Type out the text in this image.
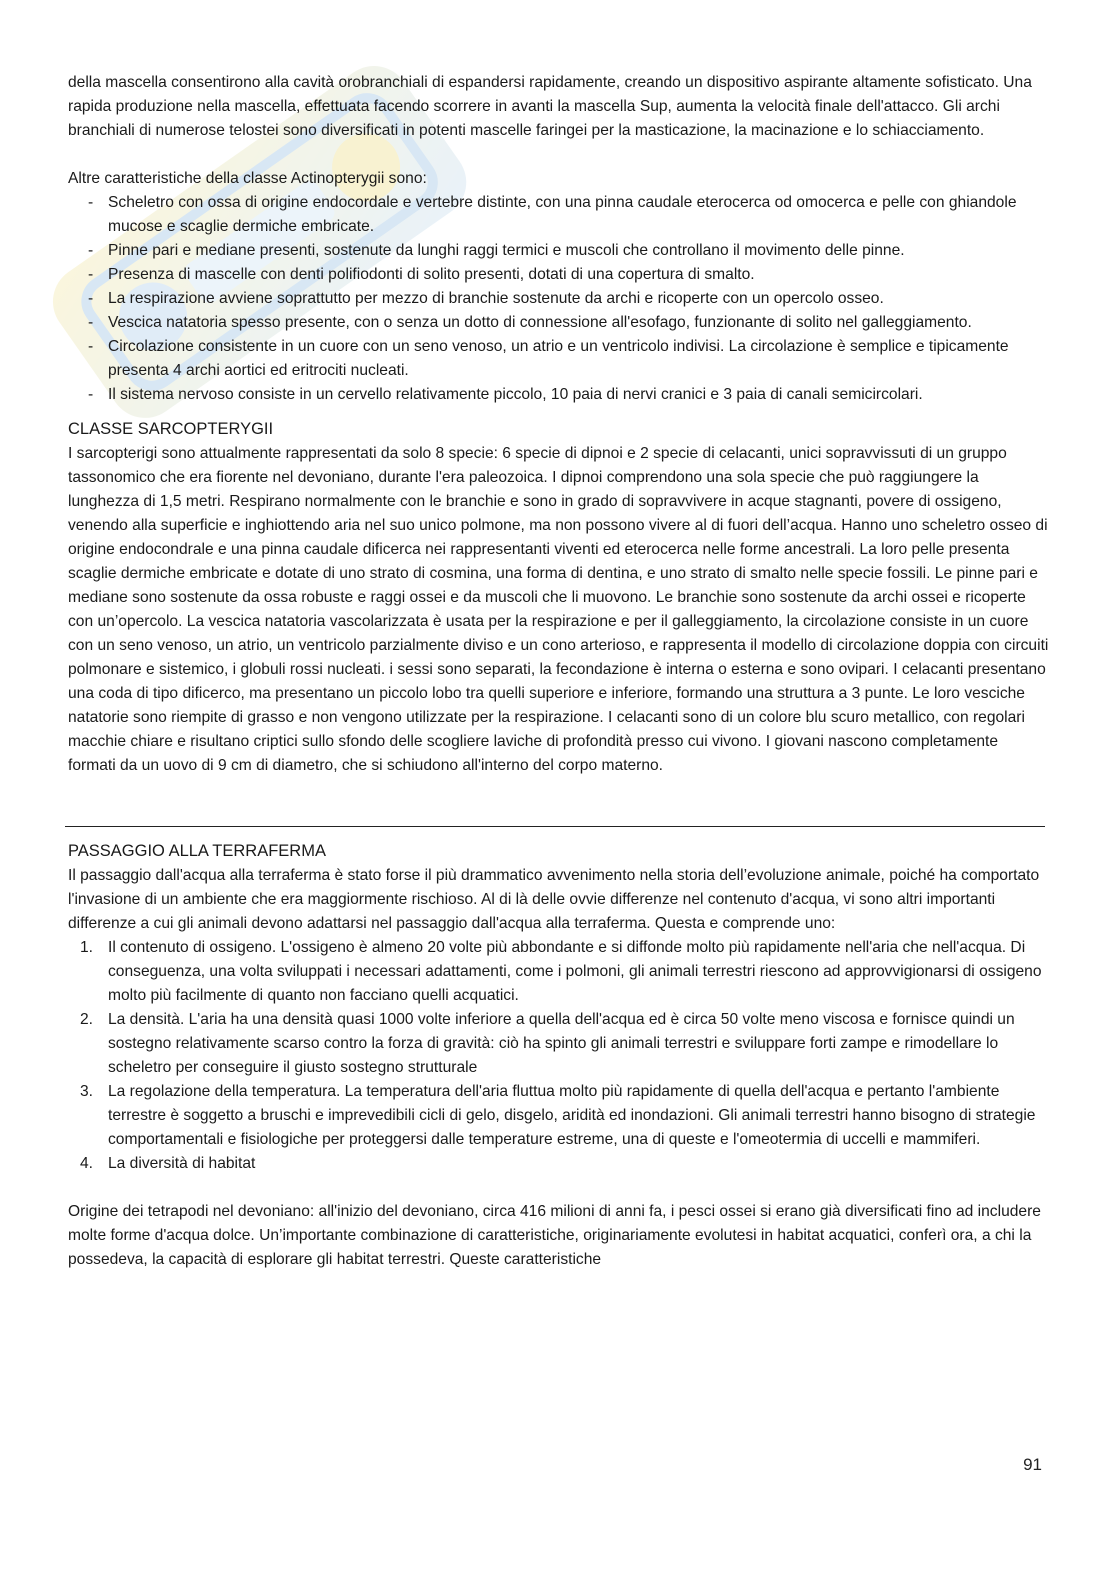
della mascella consentirono alla cavità orobranchiali di espandersi rapidamente, creando un dispositivo aspirante altamente sofisticato. Una rapida produzione nella mascella, effettuata facendo scorrere in avanti la mascella Sup, aumenta la velocità finale dell'attacco. Gli archi branchiali di numerose telostei sono diversificati in potenti mascelle faringei per la masticazione, la macinazione e lo schiacciamento.

Altre caratteristiche della classe Actinopterygii sono:

- Scheletro con ossa di origine endocordale e vertebre distinte, con una pinna caudale eterocerca od omocerca e pelle con ghiandole mucose e scaglie dermiche embricate.
- Pinne pari e mediane presenti, sostenute da lunghi raggi termici e muscoli che controllano il movimento delle pinne.
- Presenza di mascelle con denti polifiodonti di solito presenti, dotati di una copertura di smalto.
- La respirazione avviene soprattutto per mezzo di branchie sostenute da archi e ricoperte con un opercolo osseo.
- Vescica natatoria spesso presente, con o senza un dotto di connessione all'esofago, funzionante di solito nel galleggiamento.
- Circolazione consistente in un cuore con un seno venoso, un atrio e un ventricolo indivisi. La circolazione è semplice e tipicamente presenta 4 archi aortici ed eritrociti nucleati.
- Il sistema nervoso consiste in un cervello relativamente piccolo, 10 paia di nervi cranici e 3 paia di canali semicircolari.
CLASSE SARCOPTERYGII

I sarcopterigi sono attualmente rappresentati da solo 8 specie: 6 specie di dipnoi e 2 specie di celacanti, unici sopravvissuti di un gruppo tassonomico che era fiorente nel devoniano, durante l'era paleozoica. I dipnoi comprendono una sola specie che può raggiungere la lunghezza di 1,5 metri. Respirano normalmente con le branchie e sono in grado di sopravvivere in acque stagnanti, povere di ossigeno, venendo alla superficie e inghiottendo aria nel suo unico polmone, ma non possono vivere al di fuori dell’acqua. Hanno uno scheletro osseo di origine endocondrale e una pinna caudale dificerca nei rappresentanti viventi ed eterocerca nelle forme ancestrali. La loro pelle presenta scaglie dermiche embricate e dotate di uno strato di cosmina, una forma di dentina, e uno strato di smalto nelle specie fossili. Le pinne pari e mediane sono sostenute da ossa robuste e raggi ossei e da muscoli che li muovono. Le branchie sono sostenute da archi ossei e ricoperte con un’opercolo. La vescica natatoria vascolarizzata è usata per la respirazione e per il galleggiamento, la circolazione consiste in un cuore con un seno venoso, un atrio, un ventricolo parzialmente diviso e un cono arterioso, e rappresenta il modello di circolazione doppia con circuiti polmonare e sistemico, i globuli rossi nucleati. i sessi sono separati, la fecondazione è interna o esterna e sono ovipari. I celacanti presentano una coda di tipo dificerco, ma presentano un piccolo lobo tra quelli superiore e inferiore, formando una struttura a 3 punte. Le loro vesciche natatorie sono riempite di grasso e non vengono utilizzate per la respirazione. I celacanti sono di un colore blu scuro metallico, con regolari macchie chiare e risultano criptici sullo sfondo delle scogliere laviche di profondità presso cui vivono. I giovani nascono completamente formati da un uovo di 9 cm di diametro, che si schiudono all'interno del corpo materno.

PASSAGGIO ALLA TERRAFERMA

Il passaggio dall'acqua alla terraferma è stato forse il più drammatico avvenimento nella storia dell’evoluzione animale, poiché ha comportato l'invasione di un ambiente che era maggiormente rischioso. Al di là delle ovvie differenze nel contenuto d'acqua, vi sono altri importanti differenze a cui gli animali devono adattarsi nel passaggio dall'acqua alla terraferma. Questa e comprende uno:

1. Il contenuto di ossigeno. L'ossigeno è almeno 20 volte più abbondante e si diffonde molto più rapidamente nell'aria che nell'acqua. Di conseguenza, una volta sviluppati i necessari adattamenti, come i polmoni, gli animali terrestri riescono ad approvvigionarsi di ossigeno molto più facilmente di quanto non facciano quelli acquatici.
2. La densità. L'aria ha una densità quasi 1000 volte inferiore a quella dell'acqua ed è circa 50 volte meno viscosa e fornisce quindi un sostegno relativamente scarso contro la forza di gravità: ciò ha spinto gli animali terrestri e sviluppare forti zampe e rimodellare lo scheletro per conseguire il giusto sostegno strutturale
3. La regolazione della temperatura. La temperatura dell'aria fluttua molto più rapidamente di quella dell'acqua e pertanto l'ambiente terrestre è soggetto a bruschi e imprevedibili cicli di gelo, disgelo, aridità ed inondazioni. Gli animali terrestri hanno bisogno di strategie comportamentali e fisiologiche per proteggersi dalle temperature estreme, una di queste e l'omeotermia di uccelli e mammiferi.
4. La diversità di habitat

Origine dei tetrapodi nel devoniano: all'inizio del devoniano, circa 416 milioni di anni fa, i pesci ossei si erano già diversificati fino ad includere molte forme d'acqua dolce. Un’importante combinazione di caratteristiche, originariamente evolutesi in habitat acquatici, conferì ora, a chi la possedeva, la capacità di esplorare gli habitat terrestri. Queste caratteristiche

91
